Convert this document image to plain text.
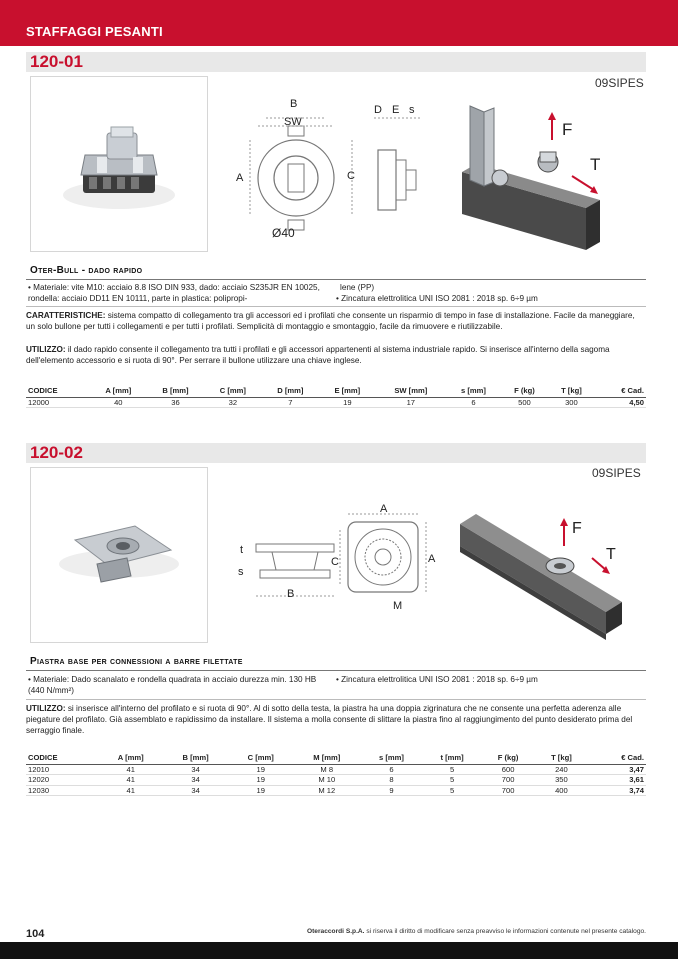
STAFFAGGI PESANTI
120-01
09SIPES
B
SW
A	C
D E s
Ø40
F
T
Oter-Bull - dado rapido
• Materiale: vite M10: acciaio 8.8 ISO DIN 933, dado: acciaio S235JR EN 10025, rondella: acciaio DD11 EN 10111, parte in plastica: polipropi-
lene (PP)
• Zincatura elettrolitica UNI ISO 2081 : 2018 sp. 6÷9 µm
CARATTERISTICHE: sistema compatto di collegamento tra gli accessori ed i profilati che consente un risparmio di tempo in fase di installazione. Facile da maneggiare, un solo bullone per tutti i collegamenti e per tutti i profilati. Semplicità di montaggio e smontaggio, facile da rimuovere e riutilizzabile.
UTILIZZO: il dado rapido consente il collegamento tra tutti i profilati e gli accessori appartenenti al sistema industriale rapido. Si inserisce all'interno della sagoma dell'elemento accessorio e si ruota di 90°. Per serrare il bullone utilizzare una chiave inglese.
CODICE	A [mm]	B [mm]	C [mm]	D [mm]	E [mm]	SW [mm]	s [mm]	F (kg)	T [kg]	€ Cad.
12000	40	36	32	7	19	17	6	500	300	4,50
120-02
09SIPES
A
A
C
B
M
t
s
F
T
Piastra base per connessioni a barre filettate
• Materiale: Dado scanalato e rondella quadrata in acciaio durezza min. 130 HB (440 N/mm²)
• Zincatura elettrolitica UNI ISO 2081 : 2018 sp. 6÷9 µm
UTILIZZO: si inserisce all'interno del profilato e si ruota di 90°. Al di sotto della testa, la piastra ha una doppia zigrinatura che ne consente una perfetta aderenza alle piegature del profilato. Già assemblato e rapidissimo da installare. Il sistema a molla consente di slittare la piastra fino al raggiungimento del punto desiderato prima del serraggio finale.
CODICE	A [mm]	B [mm]	C [mm]	M [mm]	s [mm]	t [mm]	F (kg)	T [kg]	€ Cad.
12010	41	34	19	M 8	6	5	600	240	3,47
12020	41	34	19	M 10	8	5	700	350	3,61
12030	41	34	19	M 12	9	5	700	400	3,74
104	Oteraccordi S.p.A. si riserva il diritto di modificare senza preavviso le informazioni contenute nel presente catalogo.
